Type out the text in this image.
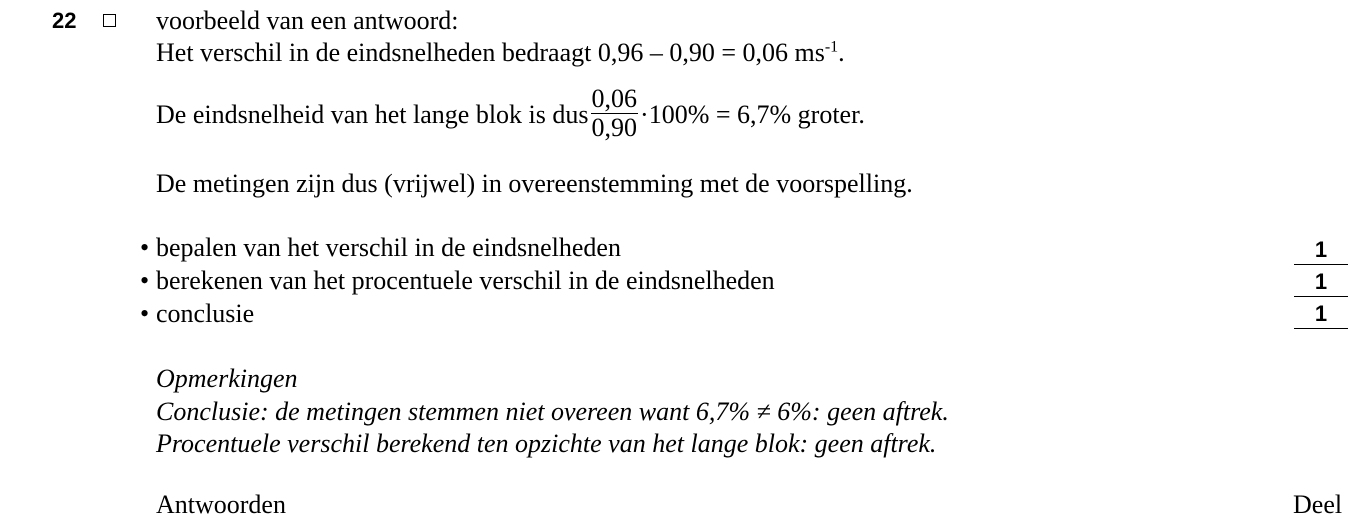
22	voorbeeld van een antwoord:
Het verschil in de eindsnelheden bedraagt 0,96 – 0,90 = 0,06 $ms^{-1}$.
De eindsnelheid van het lange blok is dus $\frac{0,06}{0,90} \cdot 100\% = 6,7\%$ groter.
De metingen zijn dus (vrijwel) in overeenstemming met de voorspelling.
• bepalen van het verschil in de eindsnelheden	1
• berekenen van het procentuele verschil in de eindsnelheden	1
• conclusie	1
Opmerkingen
Conclusie: de metingen stemmen niet overeen want 6,7% ≠ 6%: geen aftrek.
Procentuele verschil berekend ten opzichte van het lange blok: geen aftrek.
Antwoorden	Deel
